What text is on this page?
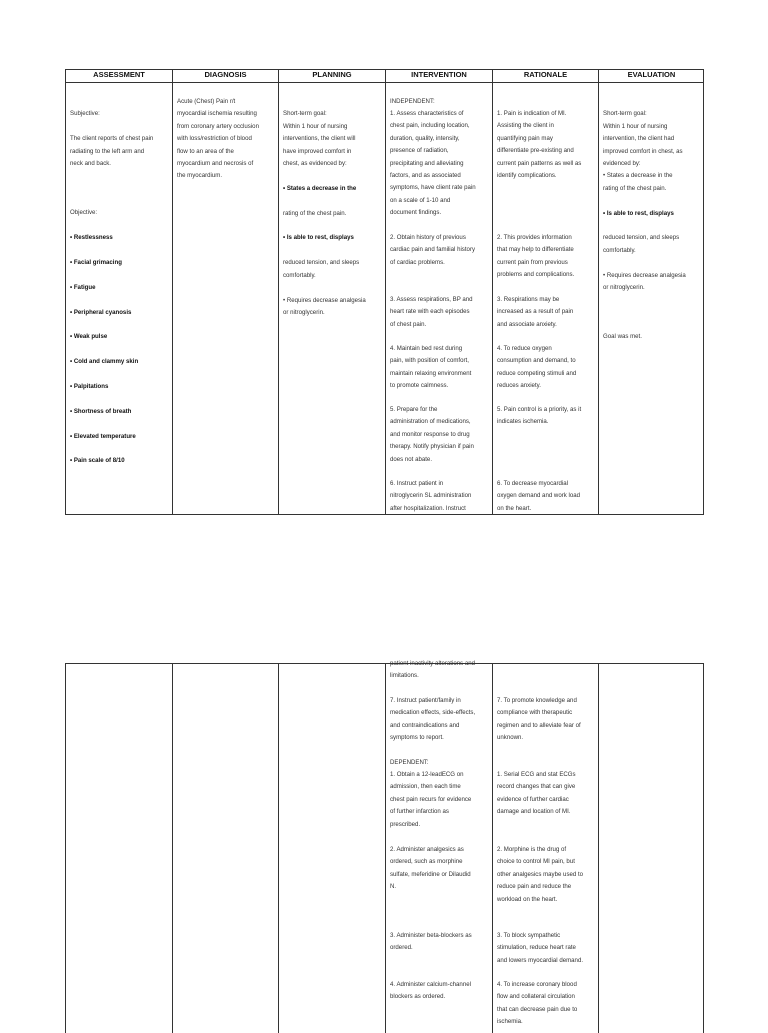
ASSESSMENT

Subjective:

The client reports of chest pain
radiating to the left arm and
neck and back.

Objective:

• Restlessness

• Facial grimacing

• Fatigue

• Peripheral cyanosis

• Weak pulse

• Cold and clammy skin

• Palpitations

• Shortness of breath

• Elevated temperature

• Pain scale of 8/10

DIAGNOSIS
Acute (Chest) Pain r/t
myocardial ischemia resulting
from coronary artery occlusion
with loss/restriction of blood
flow to an area of the
myocardium and necrosis of
the myocardium.
PLANNING

Short-term goal:
Within 1 hour of nursing
interventions, the client will
have improved comfort in
chest, as evidenced by:

• States a decrease in the

rating of the chest pain.

• Is able to rest, displays

reduced tension, and sleeps
comfortably.

• Requires decrease analgesia
or nitroglycerin.

INTERVENTION
INDEPENDENT:
1. Assess characteristics of
chest pain, including location,
duration, quality, intensity,
presence of radiation,
precipitating and alleviating
factors, and as associated
symptoms, have client rate pain
on a scale of 1-10 and
document findings.
2. Obtain history of previous
cardiac pain and familial history
of cardiac problems.
3. Assess respirations, BP and
heart rate with each episodes
of chest pain.
4. Maintain bed rest during
pain, with position of comfort,
maintain relaxing environment
to promote calmness.
5. Prepare for the
administration of medications,
and monitor response to drug
therapy. Notify physician if pain
does not abate.
6. Instruct patient in
nitroglycerin SL administration
after hospitalization. Instruct
RATIONALE
1. Pain is indication of MI.
Assisting the client in
quantifying pain may
differentiate pre-existing and
current pain patterns as well as
identify complications.
2. This provides information
that may help to differentiate
current pain from previous
problems and complications.
3. Respirations may be
increased as a result of pain
and associate anxiety.
4. To reduce oxygen
consumption and demand, to
reduce competing stimuli and
reduces anxiety.
5. Pain control is a priority, as it
indicates ischemia.
6. To decrease myocardial
oxygen demand and work load
on the heart.
EVALUATION

Short-term goal:
Within 1 hour of nursing
intervention, the client had
improved comfort in chest, as
evidenced by:
• States a decrease in the
rating of the chest pain.

• Is able to rest, displays

reduced tension, and sleeps
comfortably.

• Requires decrease analgesia
or nitroglycerin.

Goal was met.

patient inactivity alterations and
limitations.
7. Instruct patient/family in
medication effects, side-effects,
and contraindications and
symptoms to report.
DEPENDENT:
1. Obtain a 12-leadECG on
admission, then each time
chest pain recurs for evidence
of further infarction as
prescribed.
2. Administer analgesics as
ordered, such as morphine
sulfate, meferidine or Dilaudid
N.
3. Administer beta-blockers as
ordered.
4. Administer calcium-channel
blockers as ordered.
7. To promote knowledge and
compliance with therapeutic
regimen and to alleviate fear of
unknown.
1. Serial ECG and stat ECGs
record changes that can give
evidence of further cardiac
damage and location of MI.
2. Morphine is the drug of
choice to control MI pain, but
other analgesics maybe used to
reduce pain and reduce the
workload on the heart.
3. To block sympathetic
stimulation, reduce heart rate
and lowers myocardial demand.
4. To increase coronary blood
flow and collateral circulation
that can decrease pain due to
ischemia.
